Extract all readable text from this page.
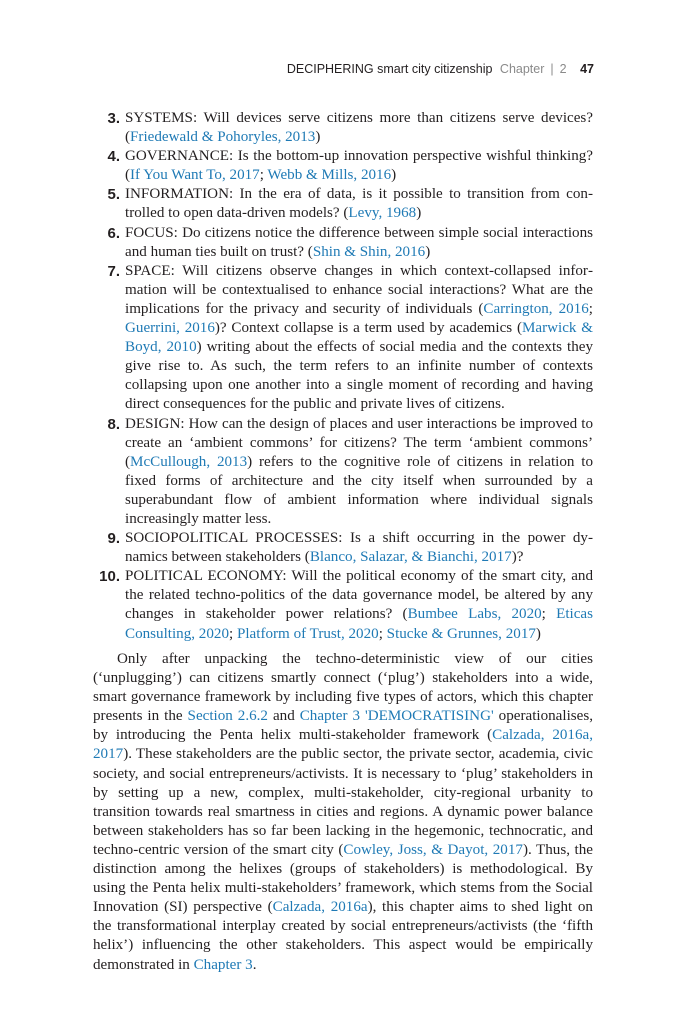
DECIPHERING smart city citizenship Chapter | 2 47
3. SYSTEMS: Will devices serve citizens more than citizens serve devices? (Friedewald & Pohoryles, 2013)
4. GOVERNANCE: Is the bottom-up innovation perspective wishful thinking? (If You Want To, 2017; Webb & Mills, 2016)
5. INFORMATION: In the era of data, is it possible to transition from controlled to open data-driven models? (Levy, 1968)
6. FOCUS: Do citizens notice the difference between simple social interactions and human ties built on trust? (Shin & Shin, 2016)
7. SPACE: Will citizens observe changes in which context-collapsed information will be contextualised to enhance social interactions? What are the implications for the privacy and security of individuals (Carrington, 2016; Guerrini, 2016)? Context collapse is a term used by academics (Marwick & Boyd, 2010) writing about the effects of social media and the contexts they give rise to. As such, the term refers to an infinite number of contexts collapsing upon one another into a single moment of recording and having direct consequences for the public and private lives of citizens.
8. DESIGN: How can the design of places and user interactions be improved to create an ‘ambient commons’ for citizens? The term ‘ambient commons’ (McCullough, 2013) refers to the cognitive role of citizens in relation to fixed forms of architecture and the city itself when surrounded by a superabundant flow of ambient information where individual signals increasingly matter less.
9. SOCIOPOLITICAL PROCESSES: Is a shift occurring in the power dynamics between stakeholders (Blanco, Salazar, & Bianchi, 2017)?
10. POLITICAL ECONOMY: Will the political economy of the smart city, and the related techno-politics of the data governance model, be altered by any changes in stakeholder power relations? (Bumbee Labs, 2020; Eticas Consulting, 2020; Platform of Trust, 2020; Stucke & Grunnes, 2017)
Only after unpacking the techno-deterministic view of our cities (‘unplugging’) can citizens smartly connect (‘plug’) stakeholders into a wide, smart governance framework by including five types of actors, which this chapter presents in the Section 2.6.2 and Chapter 3 'DEMOCRATISING' operationalises, by introducing the Penta helix multi-stakeholder framework (Calzada, 2016a, 2017). These stakeholders are the public sector, the private sector, academia, civic society, and social entrepreneurs/activists. It is necessary to ‘plug’ stakeholders in by setting up a new, complex, multi-stakeholder, city-regional urbanity to transition towards real smartness in cities and regions. A dynamic power balance between stakeholders has so far been lacking in the hegemonic, technocratic, and techno-centric version of the smart city (Cowley, Joss, & Dayot, 2017). Thus, the distinction among the helixes (groups of stakeholders) is methodological. By using the Penta helix multi-stakeholders’ framework, which stems from the Social Innovation (SI) perspective (Calzada, 2016a), this chapter aims to shed light on the transformational interplay created by social entrepreneurs/activists (the ‘fifth helix’) influencing the other stakeholders. This aspect would be empirically demonstrated in Chapter 3.
